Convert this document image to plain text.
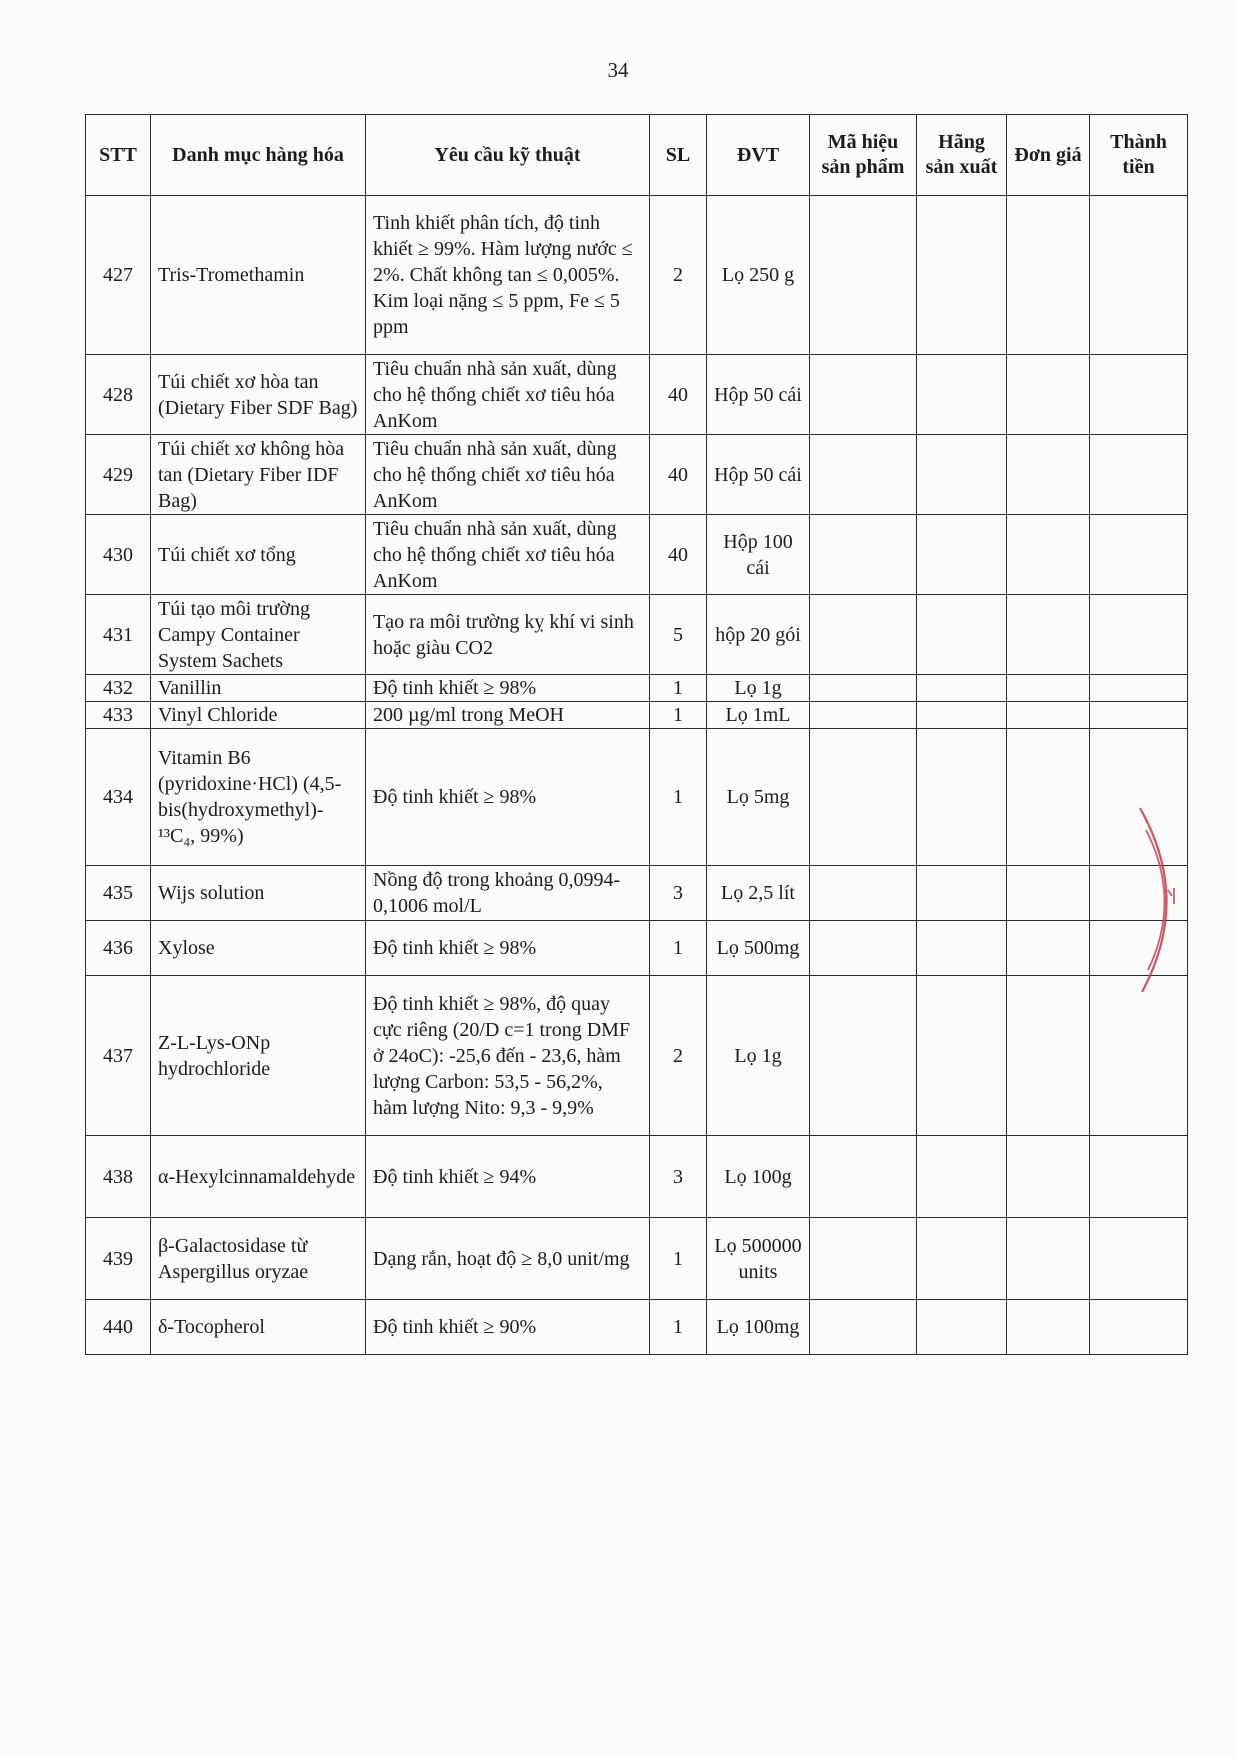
34
STT	Danh mục hàng hóa	Yêu cầu kỹ thuật	SL	ĐVT	Mã hiệu sản phẩm	Hãng sản xuất	Đơn giá	Thành tiền
427	Tris-Tromethamin	Tinh khiết phân tích, độ tinh khiết ≥ 99%. Hàm lượng nước ≤ 2%. Chất không tan ≤ 0,005%. Kim loại nặng ≤ 5 ppm, Fe ≤ 5 ppm	2	Lọ 250 g				
428	Túi chiết xơ hòa tan (Dietary Fiber SDF Bag)	Tiêu chuẩn nhà sản xuất, dùng cho hệ thống chiết xơ tiêu hóa AnKom	40	Hộp 50 cái				
429	Túi chiết xơ không hòa tan (Dietary Fiber IDF Bag)	Tiêu chuẩn nhà sản xuất, dùng cho hệ thống chiết xơ tiêu hóa AnKom	40	Hộp 50 cái				
430	Túi chiết xơ tổng	Tiêu chuẩn nhà sản xuất, dùng cho hệ thống chiết xơ tiêu hóa AnKom	40	Hộp 100 cái				
431	Túi tạo môi trường Campy Container System Sachets	Tạo ra môi trường kỵ khí vi sinh hoặc giàu CO2	5	hộp 20 gói				
432	Vanillin	Độ tinh khiết ≥ 98%	1	Lọ 1g				
433	Vinyl Chloride	200 µg/ml trong MeOH	1	Lọ 1mL				
434	Vitamin B6 (pyridoxine·HCl) (4,5-bis(hydroxymethyl)-¹³C₄, 99%)	Độ tinh khiết ≥ 98%	1	Lọ 5mg				
435	Wijs solution	Nồng độ trong khoảng 0,0994-0,1006 mol/L	3	Lọ 2,5 lít				
436	Xylose	Độ tinh khiết ≥ 98%	1	Lọ 500mg				
437	Z-L-Lys-ONp hydrochloride	Độ tinh khiết ≥ 98%, độ quay cực riêng (20/D c=1 trong DMF ở 24oC): -25,6 đến - 23,6, hàm lượng Carbon: 53,5 - 56,2%, hàm lượng Nito: 9,3 - 9,9%	2	Lọ 1g				
438	α-Hexylcinnamaldehyde	Độ tinh khiết ≥ 94%	3	Lọ 100g				
439	β-Galactosidase từ Aspergillus oryzae	Dạng rắn, hoạt độ ≥ 8,0 unit/mg	1	Lọ 500000 units				
440	δ-Tocopherol	Độ tinh khiết ≥ 90%	1	Lọ 100mg				
